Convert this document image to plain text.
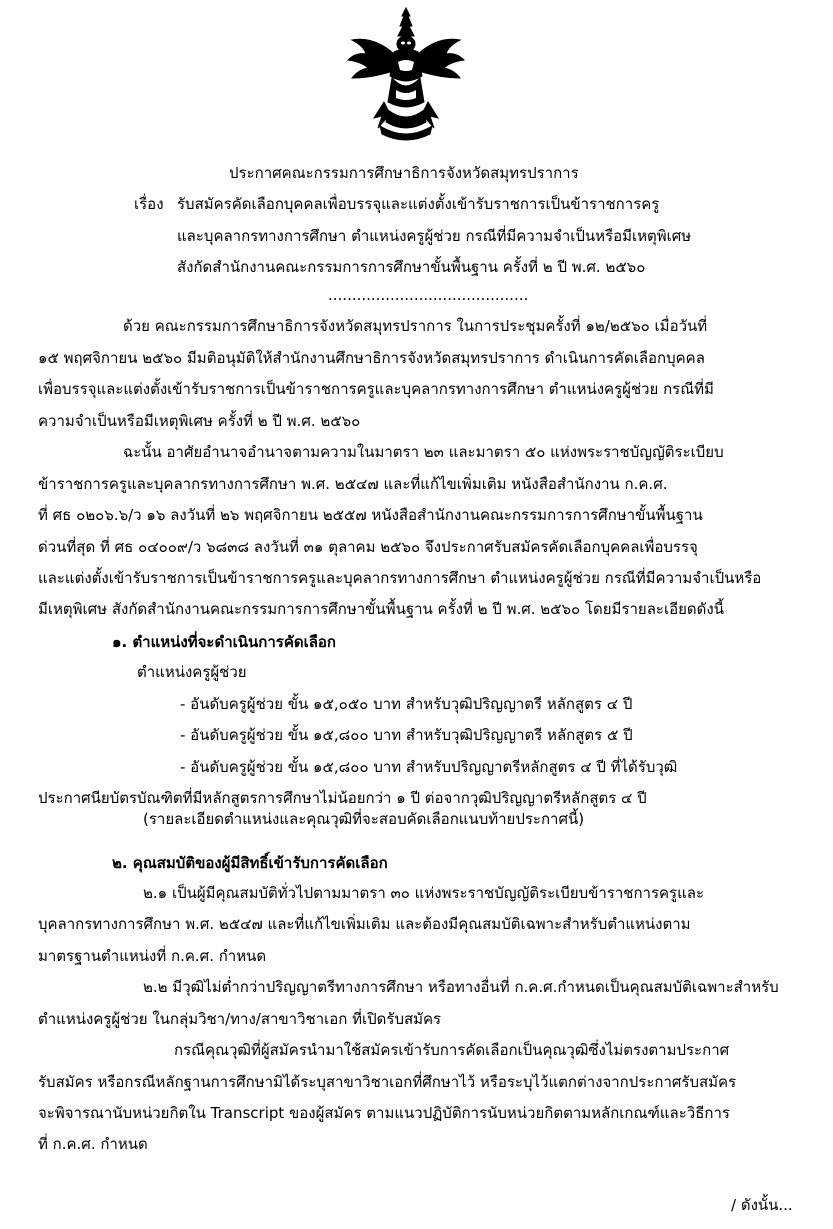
ประกาศคณะกรรมการศึกษาธิการจังหวัดสมุทรปราการ
เรื่อง รับสมัครคัดเลือกบุคคลเพื่อบรรจุและแต่งตั้งเข้ารับราชการเป็นข้าราชการครู
และบุคลากรทางการศึกษา ตำแหน่งครูผู้ช่วย กรณีที่มีความจำเป็นหรือมีเหตุพิเศษ
สังกัดสำนักงานคณะกรรมการการศึกษาขั้นพื้นฐาน ครั้งที่ ๒ ปี พ.ศ. ๒๕๖๐
..........................................
ด้วย คณะกรรมการศึกษาธิการจังหวัดสมุทรปราการ ในการประชุมครั้งที่ ๑๒/๒๕๖๐ เมื่อวันที่
๑๕ พฤศจิกายน ๒๕๖๐ มีมติอนุมัติให้สำนักงานศึกษาธิการจังหวัดสมุทรปราการ ดำเนินการคัดเลือกบุคคล
เพื่อบรรจุและแต่งตั้งเข้ารับราชการเป็นข้าราชการครูและบุคลากรทางการศึกษา ตำแหน่งครูผู้ช่วย กรณีที่มี
ความจำเป็นหรือมีเหตุพิเศษ ครั้งที่ ๒ ปี พ.ศ. ๒๕๖๐
ฉะนั้น อาศัยอำนาจอำนาจตามความในมาตรา ๒๓ และมาตรา ๕๐ แห่งพระราชบัญญัติระเบียบ
ข้าราชการครูและบุคลากรทางการศึกษา พ.ศ. ๒๕๔๗ และที่แก้ไขเพิ่มเติม หนังสือสำนักงาน ก.ค.ศ.
ที่ ศธ ๐๒๐๖.๖/ว ๑๖ ลงวันที่ ๒๖ พฤศจิกายน ๒๕๕๗ หนังสือสำนักงานคณะกรรมการการศึกษาขั้นพื้นฐาน
ด่วนที่สุด ที่ ศธ ๐๔๐๐๙/ว ๖๘๓๘ ลงวันที่ ๓๑ ตุลาคม ๒๕๖๐ จึงประกาศรับสมัครคัดเลือกบุคคลเพื่อบรรจุ
และแต่งตั้งเข้ารับราชการเป็นข้าราชการครูและบุคลากรทางการศึกษา ตำแหน่งครูผู้ช่วย กรณีที่มีความจำเป็นหรือ
มีเหตุพิเศษ สังกัดสำนักงานคณะกรรมการการศึกษาขั้นพื้นฐาน ครั้งที่ ๒ ปี พ.ศ. ๒๕๖๐ โดยมีรายละเอียดดังนี้
๑. ตำแหน่งที่จะดำเนินการคัดเลือก
ตำแหน่งครูผู้ช่วย
- อันดับครูผู้ช่วย ขั้น ๑๕,๐๕๐ บาท สำหรับวุฒิปริญญาตรี หลักสูตร ๔ ปี
- อันดับครูผู้ช่วย ขั้น ๑๕,๘๐๐ บาท สำหรับวุฒิปริญญาตรี หลักสูตร ๕ ปี
- อันดับครูผู้ช่วย ขั้น ๑๕,๘๐๐ บาท สำหรับปริญญาตรีหลักสูตร ๔ ปี ที่ได้รับวุฒิ
ประกาศนียบัตรบัณฑิตที่มีหลักสูตรการศึกษาไม่น้อยกว่า ๑ ปี ต่อจากวุฒิปริญญาตรีหลักสูตร ๔ ปี
(รายละเอียดตำแหน่งและคุณวุฒิที่จะสอบคัดเลือกแนบท้ายประกาศนี้)
๒. คุณสมบัติของผู้มีสิทธิ์เข้ารับการคัดเลือก
๒.๑ เป็นผู้มีคุณสมบัติทั่วไปตามมาตรา ๓๐ แห่งพระราชบัญญัติระเบียบข้าราชการครูและ
บุคลากรทางการศึกษา พ.ศ. ๒๕๔๗ และที่แก้ไขเพิ่มเติม และต้องมีคุณสมบัติเฉพาะสำหรับตำแหน่งตาม
มาตรฐานตำแหน่งที่ ก.ค.ศ. กำหนด
๒.๒ มีวุฒิไม่ต่ำกว่าปริญญาตรีทางการศึกษา หรือทางอื่นที่ ก.ค.ศ.กำหนดเป็นคุณสมบัติเฉพาะสำหรับ
ตำแหน่งครูผู้ช่วย ในกลุ่มวิชา/ทาง/สาขาวิชาเอก ที่เปิดรับสมัคร
กรณีคุณวุฒิที่ผู้สมัครนำมาใช้สมัครเข้ารับการคัดเลือกเป็นคุณวุฒิซึ่งไม่ตรงตามประกาศ
รับสมัคร หรือกรณีหลักฐานการศึกษามิได้ระบุสาขาวิชาเอกที่ศึกษาไว้ หรือระบุไว้แตกต่างจากประกาศรับสมัคร
จะพิจารณานับหน่วยกิตใน Transcript ของผู้สมัคร ตามแนวปฏิบัติการนับหน่วยกิตตามหลักเกณฑ์และวิธีการ
ที่ ก.ค.ศ. กำหนด
/ ดังนั้น...
